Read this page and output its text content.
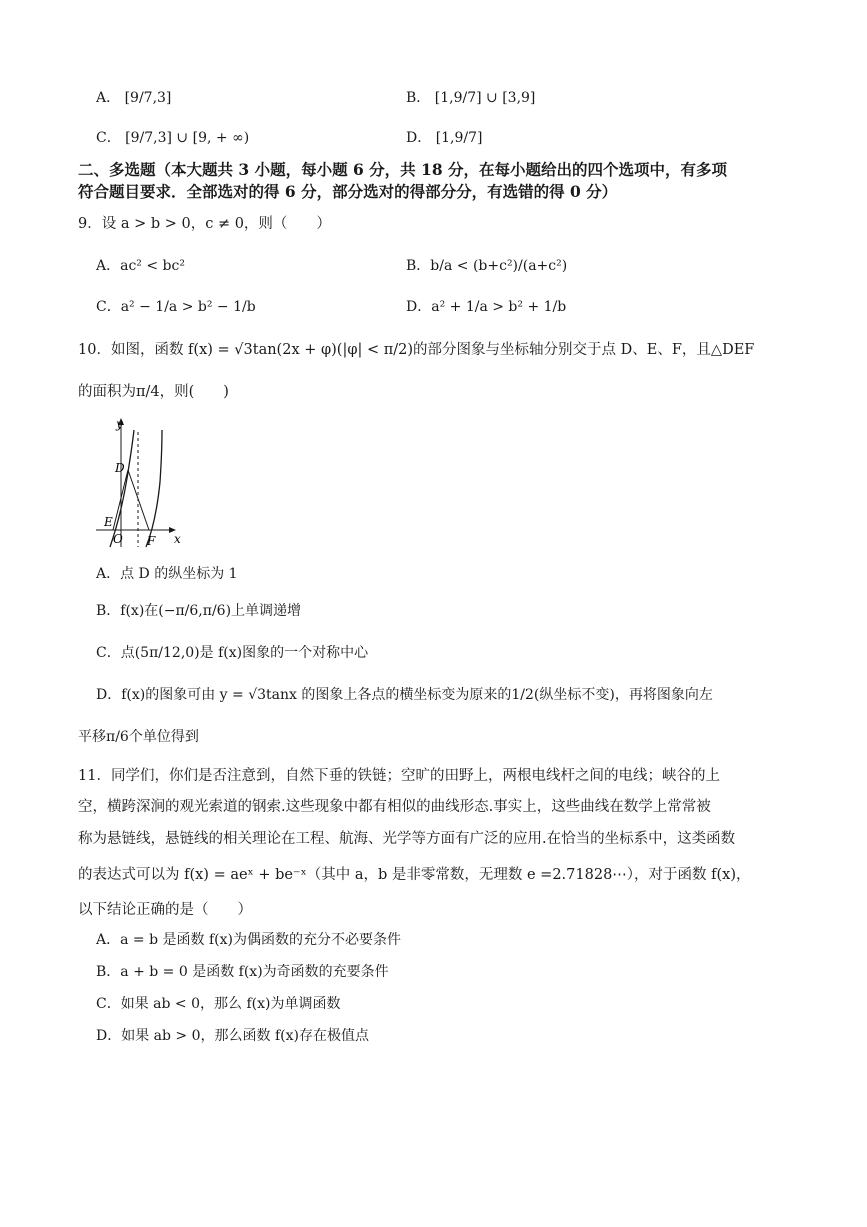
A． [9/7,3]	B． [1,9/7] ∪ [3,9]
C． [9/7,3] ∪ [9, + ∞)	D． [1,9/7]
二、多选题（本大题共 3 小题，每小题 6 分，共 18 分，在每小题给出的四个选项中，有多项
符合题目要求．全部选对的得 6 分，部分选对的得部分分，有选错的得 0 分）
9．设 a > b > 0，c ≠ 0，则（　　）
A．ac² < bc²	B．b/a < (b+c²)/(a+c²)
C．a² − 1/a > b² − 1/b	D．a² + 1/a > b² + 1/b
10．如图，函数 f(x) = √3tan(2x + φ)(|φ| < π/2)的部分图象与坐标轴分别交于点 D、E、F，且△DEF
的面积为π/4，则(　　)
y
x
D
E
O F
A．点 D 的纵坐标为 1
B．f(x)在(−π/6,π/6)上单调递增
C．点(5π/12,0)是 f(x)图象的一个对称中心
D．f(x)的图象可由 y = √3tanx 的图象上各点的横坐标变为原来的1/2(纵坐标不变)，再将图象向左
平移π/6个单位得到
11．同学们，你们是否注意到，自然下垂的铁链；空旷的田野上，两根电线杆之间的电线；峡谷的上
空，横跨深涧的观光索道的钢索.这些现象中都有相似的曲线形态.事实上，这些曲线在数学上常常被
称为悬链线，悬链线的相关理论在工程、航海、光学等方面有广泛的应用.在恰当的坐标系中，这类函数
的表达式可以为 f(x) = aeˣ + be⁻ˣ（其中 a，b 是非零常数，无理数 e =2.71828⋯），对于函数 f(x)，
以下结论正确的是（　　）
A．a = b 是函数 f(x)为偶函数的充分不必要条件
B．a + b = 0 是函数 f(x)为奇函数的充要条件
C．如果 ab < 0，那么 f(x)为单调函数
D．如果 ab > 0，那么函数 f(x)存在极值点
